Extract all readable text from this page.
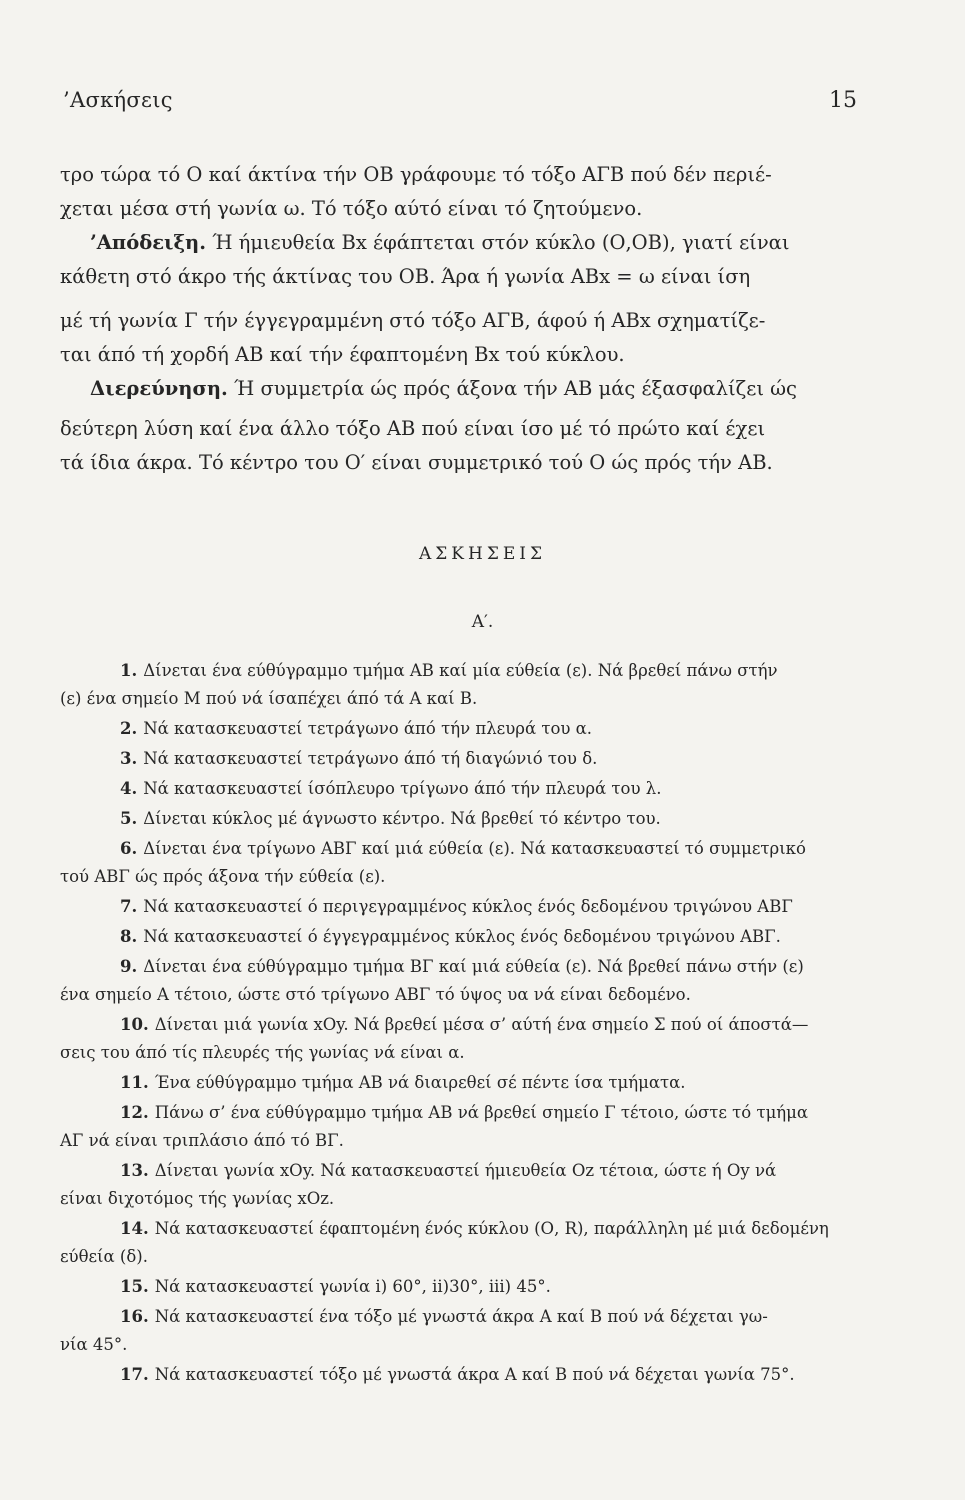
’Ασκήσεις	15
τρο τώρα τό Ο καί άκτίνα τήν ΟΒ γράφουμε τό τόξο ΑΓΒ πού δέν περιέ-
χεται μέσα στή γωνία ω. Τό τόξο αύτό είναι τό ζητούμενο.
’Απόδειξη. Ή ήμιευθεία Βx έφάπτεται στόν κύκλο (Ο,ΟΒ), γιατί είναι
κάθετη στό άκρο τής άκτίνας του ΟΒ. Άρα ή γωνία ΑΒx = ω είναι ίση
μέ τή γωνία Γ τήν έγγεγραμμένη στό τόξο ΑΓΒ, άφού ή ΑΒx σχηματίζε-
ται άπό τή χορδή ΑΒ καί τήν έφαπτομένη Βx τού κύκλου.
Διερεύνηση. Ή συμμετρία ώς πρός άξονα τήν ΑΒ μάς έξασφαλίζει ώς
δεύτερη λύση καί ένα άλλο τόξο ΑΒ πού είναι ίσο μέ τό πρώτο καί έχει
τά ίδια άκρα. Τό κέντρο του Ο′ είναι συμμετρικό τού Ο ώς πρός τήν ΑΒ.
ΑΣΚΗΣΕΙΣ
Α′.
1. Δίνεται ένα εύθύγραμμο τμήμα ΑΒ καί μία εύθεία (ε). Νά βρεθεί πάνω στήν
(ε) ένα σημείο Μ πού νά ίσαπέχει άπό τά Α καί Β.
2. Νά κατασκευαστεί τετράγωνο άπό τήν πλευρά του α.
3. Νά κατασκευαστεί τετράγωνο άπό τή διαγώνιό του δ.
4. Νά κατασκευαστεί ίσόπλευρο τρίγωνο άπό τήν πλευρά του λ.
5. Δίνεται κύκλος μέ άγνωστο κέντρο. Νά βρεθεί τό κέντρο του.
6. Δίνεται ένα τρίγωνο ΑΒΓ καί μιά εύθεία (ε). Νά κατασκευαστεί τό συμμετρικό
τού ΑΒΓ ώς πρός άξονα τήν εύθεία (ε).
7. Νά κατασκευαστεί ό περιγεγραμμένος κύκλος ένός δεδομένου τριγώνου ΑΒΓ
8. Νά κατασκευαστεί ό έγγεγραμμένος κύκλος ένός δεδομένου τριγώνου ΑΒΓ.
9. Δίνεται ένα εύθύγραμμο τμήμα ΒΓ καί μιά εύθεία (ε). Νά βρεθεί πάνω στήν (ε)
ένα σημείο Α τέτοιο, ώστε στό τρίγωνο ΑΒΓ τό ύψος υα νά είναι δεδομένο.
10. Δίνεται μιά γωνία xΟy. Νά βρεθεί μέσα σ’ αύτή ένα σημείο Σ πού οί άποστά—
σεις του άπό τίς πλευρές τής γωνίας νά είναι α.
11. Ένα εύθύγραμμο τμήμα ΑΒ νά διαιρεθεί σέ πέντε ίσα τμήματα.
12. Πάνω σ’ ένα εύθύγραμμο τμήμα ΑΒ νά βρεθεί σημείο Γ τέτοιο, ώστε τό τμήμα
ΑΓ νά είναι τριπλάσιο άπό τό ΒΓ.
13. Δίνεται γωνία xΟy. Νά κατασκευαστεί ήμιευθεία Οz τέτοια, ώστε ή Οy νά
είναι διχοτόμος τής γωνίας xΟz.
14. Νά κατασκευαστεί έφαπτομένη ένός κύκλου (Ο, R), παράλληλη μέ μιά δεδομένη
εύθεία (δ).
15. Νά κατασκευαστεί γωνία i) 60°, ii)30°, iii) 45°.
16. Νά κατασκευαστεί ένα τόξο μέ γνωστά άκρα Α καί Β πού νά δέχεται γω-
νία 45°.
17. Νά κατασκευαστεί τόξο μέ γνωστά άκρα Α καί Β πού νά δέχεται γωνία 75°.
